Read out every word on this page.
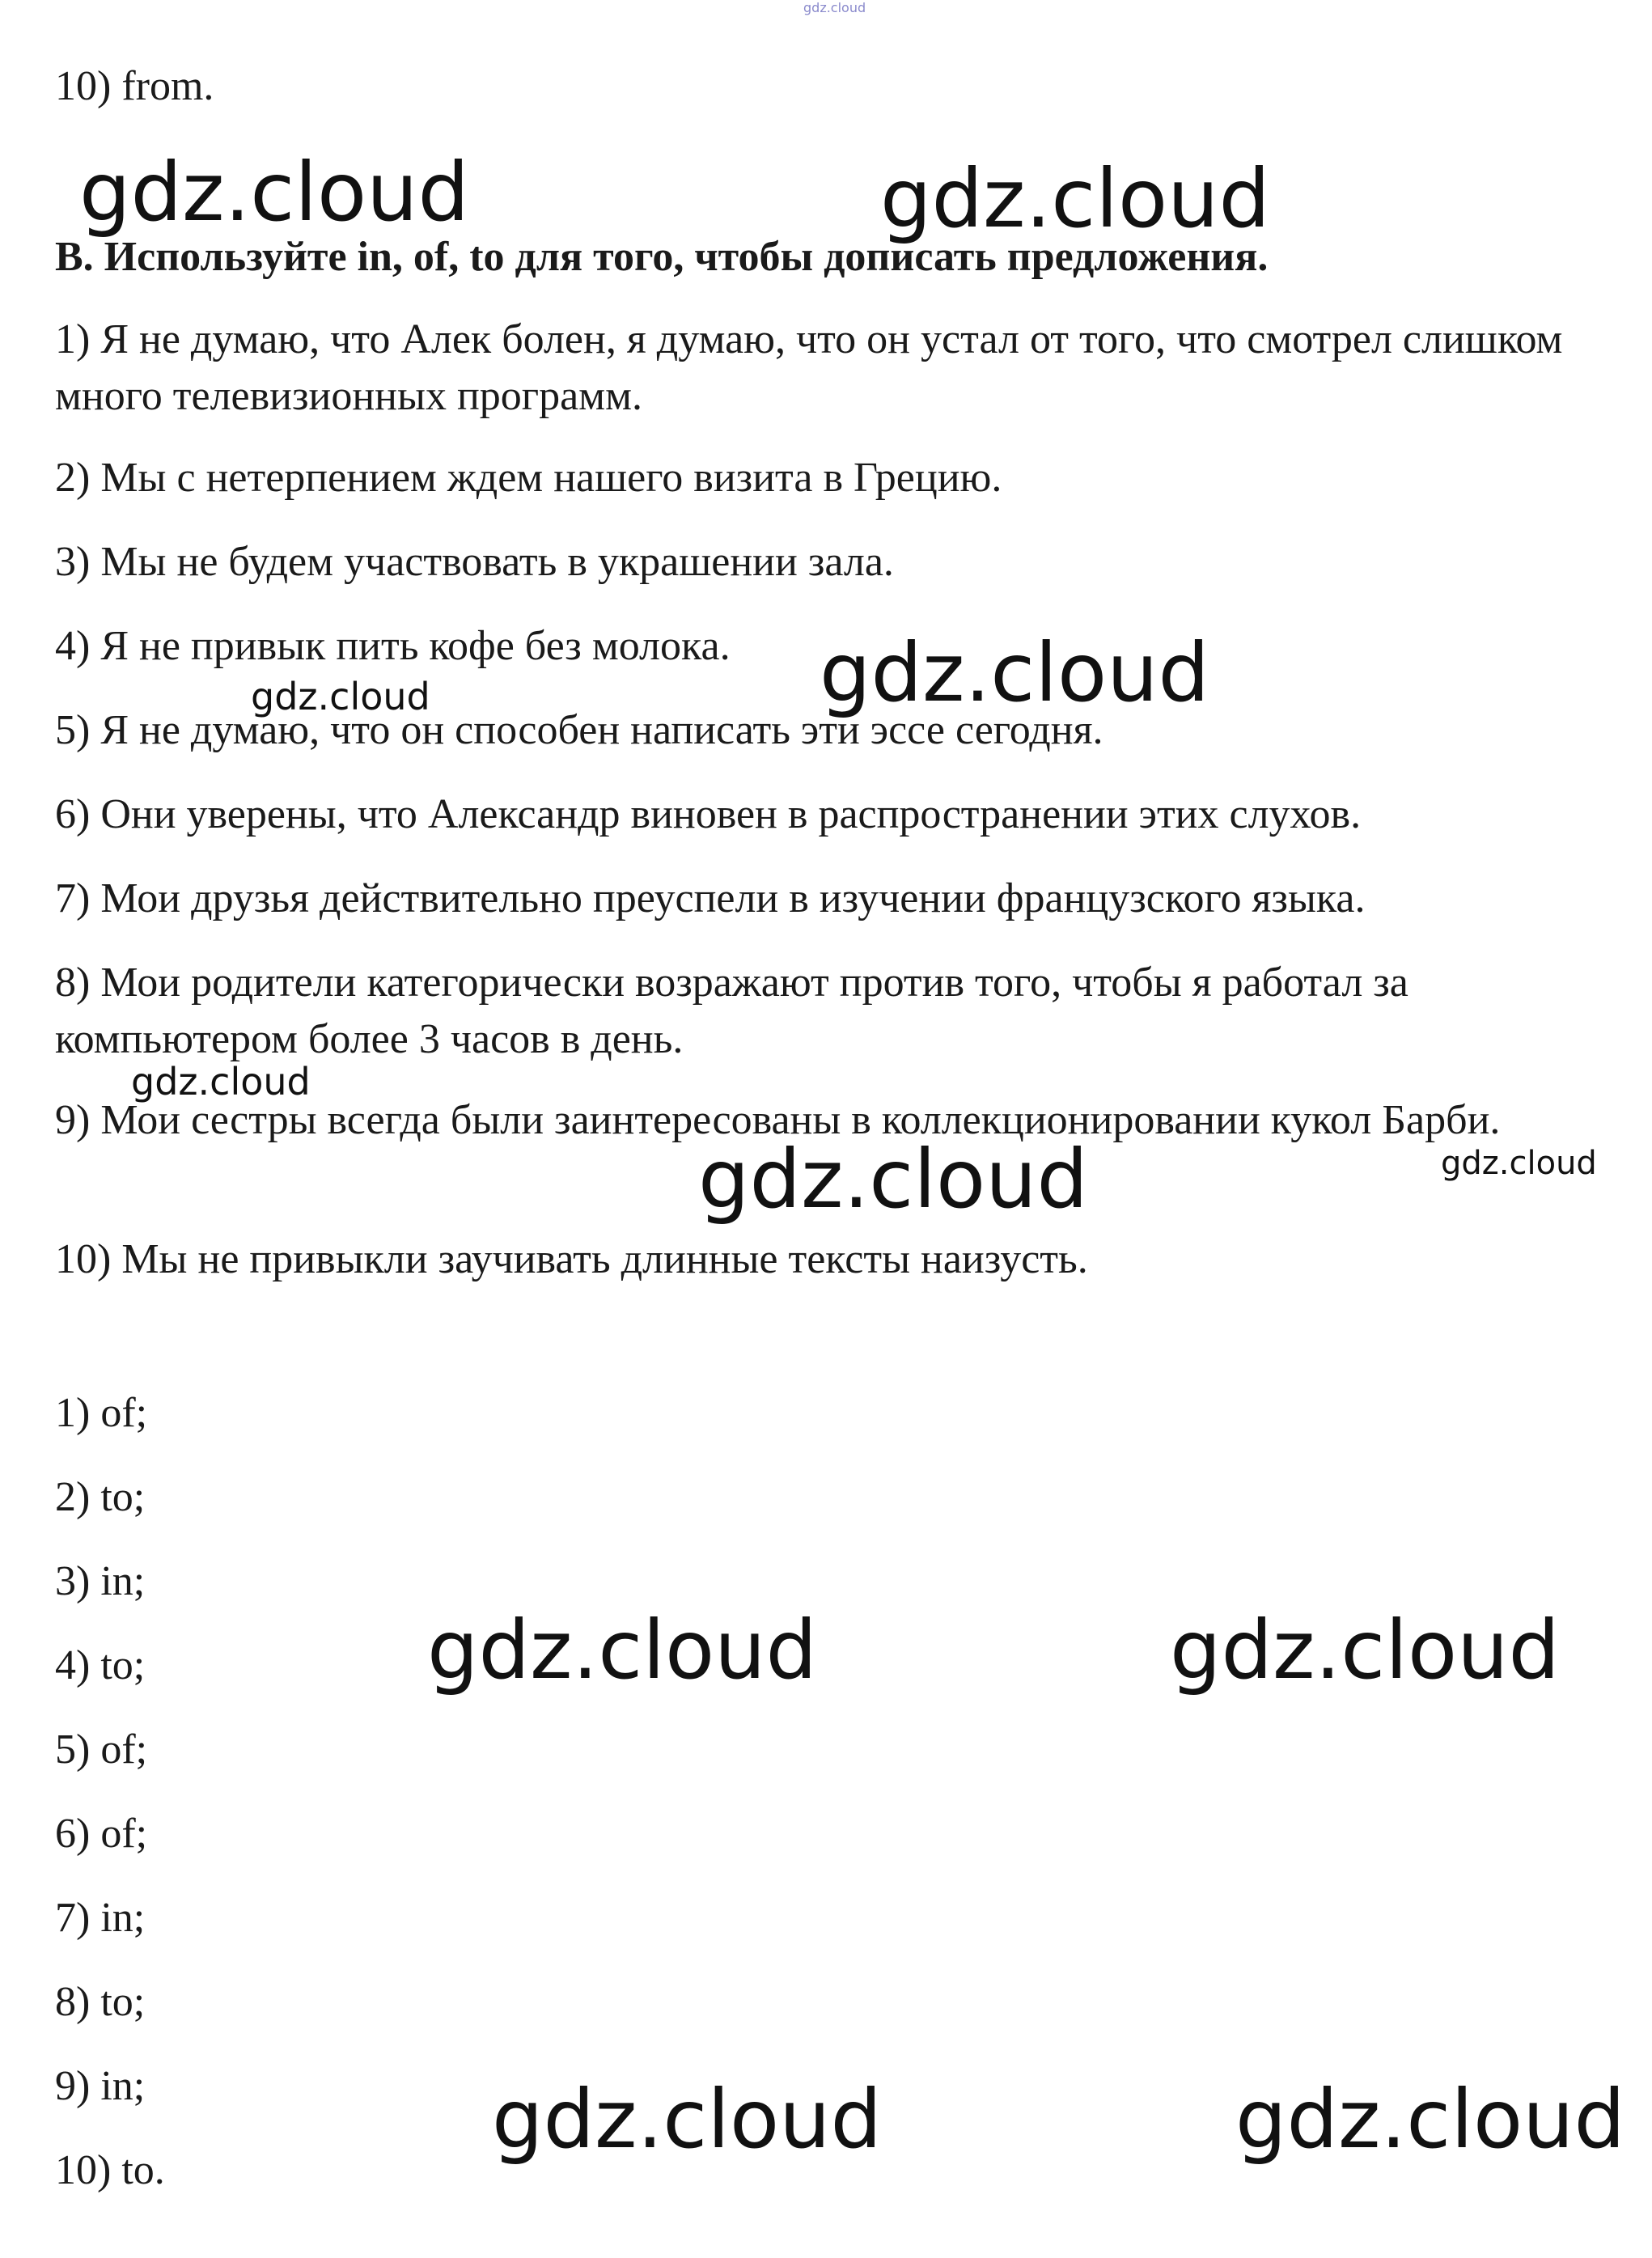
gdz.cloud
10) from.
B. Используйте in, of, to для того, чтобы дописать предложения.
1) Я не думаю, что Алек болен, я думаю, что он устал от того, что смотрел слишком много телевизионных программ.
2) Мы с нетерпением ждем нашего визита в Грецию.
3) Мы не будем участвовать в украшении зала.
4) Я не привык пить кофе без молока.
5) Я не думаю, что он способен написать эти эссе сегодня.
6) Они уверены, что Александр виновен в распространении этих слухов.
7) Мои друзья действительно преуспели в изучении французского языка.
8) Мои родители категорически возражают против того, чтобы я работал за компьютером более 3 часов в день.
9) Мои сестры всегда были заинтересованы в коллекционировании кукол Барби.
10) Мы не привыкли заучивать длинные тексты наизусть.
1) of;
2) to;
3) in;
4) to;
5) of;
6) of;
7) in;
8) to;
9) in;
10) to.
gdz.cloud	gdz.cloud
gdz.cloud
gdz.cloud
gdz.cloud
gdz.cloud	gdz.cloud
gdz.cloud	gdz.cloud
gdz.cloud	gdz.cloud
